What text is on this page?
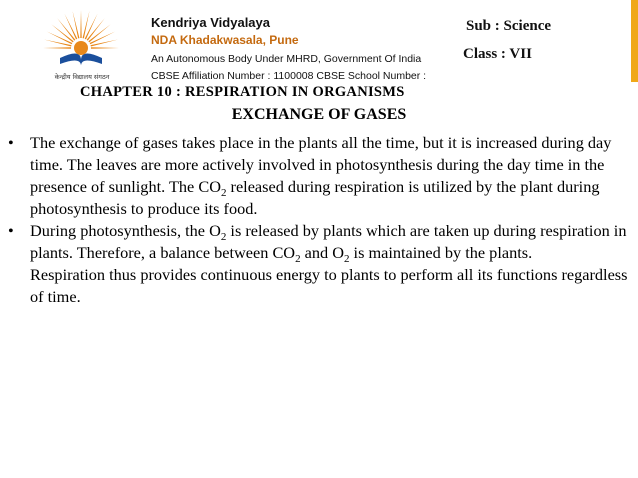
केन्द्रीय विद्यालय संगठन
Kendriya Vidyalaya
NDA Khadakwasala, Pune
An Autonomous Body Under MHRD, Government Of India
CBSE Affiliation Number : 1100008 CBSE School Number :
Sub : Science
Class : VII
CHAPTER 10 : RESPIRATION IN ORGANISMS
EXCHANGE OF GASES
• The exchange of gases takes place in the plants all the time, but it is increased during day time. The leaves are more actively involved in photosynthesis during the day time in the presence of sunlight. The $CO_2$ released during respiration is utilized by the plant during photosynthesis to produce its food.
• During photosynthesis, the $O_2$ is released by plants which are taken up during respiration in plants. Therefore, a balance between $CO_2$ and $O_2$ is maintained by the plants.
Respiration thus provides continuous energy to plants to perform all its functions regardless of time.
